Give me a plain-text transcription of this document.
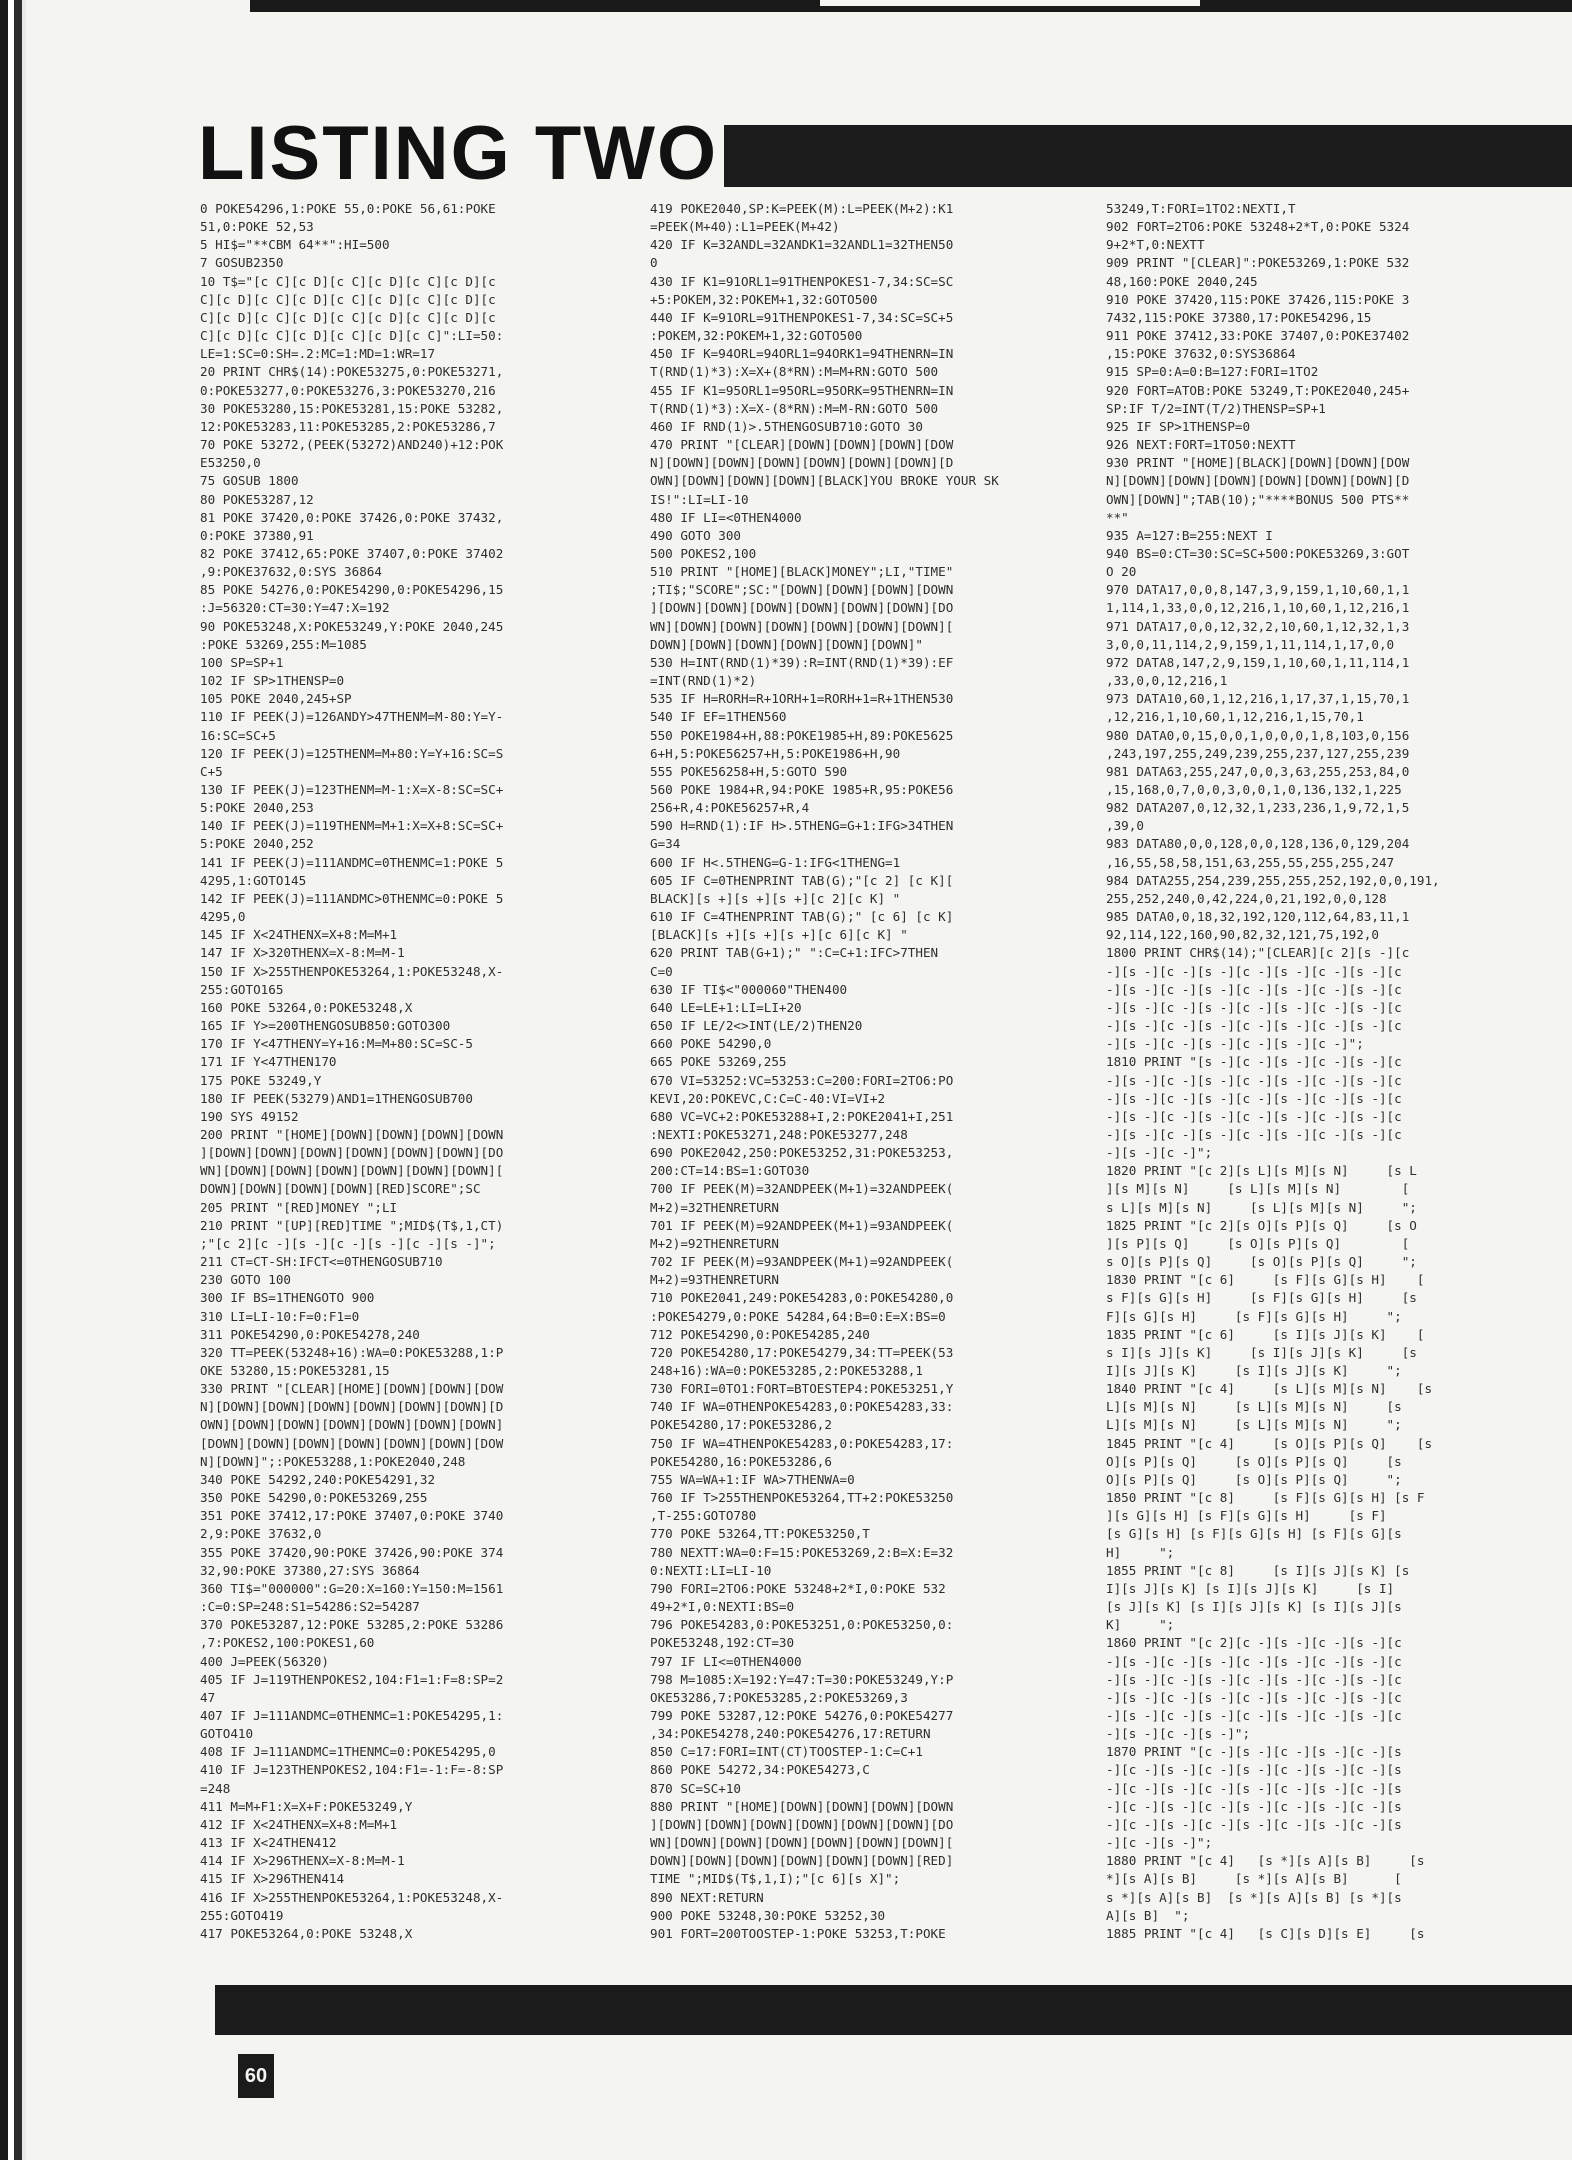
LISTING TWO
0 POKE54296,1:POKE 55,0:POKE 56,61:POKE
51,0:POKE 52,53
5 HI$="**CBM 64**":HI=500
7 GOSUB2350
10 T$="[c C][c D][c C][c D][c C][c D][c
C][c D][c C][c D][c C][c D][c C][c D][c
C][c D][c C][c D][c C][c D][c C][c D][c
C][c D][c C][c D][c C][c D][c C]":LI=50:
LE=1:SC=0:SH=.2:MC=1:MD=1:WR=17
20 PRINT CHR$(14):POKE53275,0:POKE53271,
0:POKE53277,0:POKE53276,3:POKE53270,216
30 POKE53280,15:POKE53281,15:POKE 53282,
12:POKE53283,11:POKE53285,2:POKE53286,7
70 POKE 53272,(PEEK(53272)AND240)+12:POK
E53250,0
75 GOSUB 1800
80 POKE53287,12
81 POKE 37420,0:POKE 37426,0:POKE 37432,
0:POKE 37380,91
82 POKE 37412,65:POKE 37407,0:POKE 37402
,9:POKE37632,0:SYS 36864
85 POKE 54276,0:POKE54290,0:POKE54296,15
:J=56320:CT=30:Y=47:X=192
90 POKE53248,X:POKE53249,Y:POKE 2040,245
:POKE 53269,255:M=1085
100 SP=SP+1
102 IF SP>1THENSP=0
105 POKE 2040,245+SP
110 IF PEEK(J)=126ANDY>47THENM=M-80:Y=Y-
16:SC=SC+5
120 IF PEEK(J)=125THENM=M+80:Y=Y+16:SC=S
C+5
130 IF PEEK(J)=123THENM=M-1:X=X-8:SC=SC+
5:POKE 2040,253
140 IF PEEK(J)=119THENM=M+1:X=X+8:SC=SC+
5:POKE 2040,252
141 IF PEEK(J)=111ANDMC=0THENMC=1:POKE 5
4295,1:GOTO145
142 IF PEEK(J)=111ANDMC>0THENMC=0:POKE 5
4295,0
145 IF X<24THENX=X+8:M=M+1
147 IF X>320THENX=X-8:M=M-1
150 IF X>255THENPOKE53264,1:POKE53248,X-
255:GOTO165
160 POKE 53264,0:POKE53248,X
165 IF Y>=200THENGOSUB850:GOTO300
170 IF Y<47THENY=Y+16:M=M+80:SC=SC-5
171 IF Y<47THEN170
175 POKE 53249,Y
180 IF PEEK(53279)AND1=1THENGOSUB700
190 SYS 49152
200 PRINT "[HOME][DOWN][DOWN][DOWN][DOWN
][DOWN][DOWN][DOWN][DOWN][DOWN][DOWN][DO
WN][DOWN][DOWN][DOWN][DOWN][DOWN][DOWN][
DOWN][DOWN][DOWN][DOWN][RED]SCORE";SC
205 PRINT "[RED]MONEY ";LI
210 PRINT "[UP][RED]TIME ";MID$(T$,1,CT)
;"[c 2][c -][s -][c -][s -][c -][s -]";
211 CT=CT-SH:IFCT<=0THENGOSUB710
230 GOTO 100
300 IF BS=1THENGOTO 900
310 LI=LI-10:F=0:F1=0
311 POKE54290,0:POKE54278,240
320 TT=PEEK(53248+16):WA=0:POKE53288,1:P
OKE 53280,15:POKE53281,15
330 PRINT "[CLEAR][HOME][DOWN][DOWN][DOW
N][DOWN][DOWN][DOWN][DOWN][DOWN][DOWN][D
OWN][DOWN][DOWN][DOWN][DOWN][DOWN][DOWN]
[DOWN][DOWN][DOWN][DOWN][DOWN][DOWN][DOW
N][DOWN]";:POKE53288,1:POKE2040,248
340 POKE 54292,240:POKE54291,32
350 POKE 54290,0:POKE53269,255
351 POKE 37412,17:POKE 37407,0:POKE 3740
2,9:POKE 37632,0
355 POKE 37420,90:POKE 37426,90:POKE 374
32,90:POKE 37380,27:SYS 36864
360 TI$="000000":G=20:X=160:Y=150:M=1561
:C=0:SP=248:S1=54286:S2=54287
370 POKE53287,12:POKE 53285,2:POKE 53286
,7:POKES2,100:POKES1,60
400 J=PEEK(56320)
405 IF J=119THENPOKES2,104:F1=1:F=8:SP=2
47
407 IF J=111ANDMC=0THENMC=1:POKE54295,1:
GOTO410
408 IF J=111ANDMC=1THENMC=0:POKE54295,0
410 IF J=123THENPOKES2,104:F1=-1:F=-8:SP
=248
411 M=M+F1:X=X+F:POKE53249,Y
412 IF X<24THENX=X+8:M=M+1
413 IF X<24THEN412
414 IF X>296THENX=X-8:M=M-1
415 IF X>296THEN414
416 IF X>255THENPOKE53264,1:POKE53248,X-
255:GOTO419
417 POKE53264,0:POKE 53248,X
419 POKE2040,SP:K=PEEK(M):L=PEEK(M+2):K1
=PEEK(M+40):L1=PEEK(M+42)
420 IF K=32ANDL=32ANDK1=32ANDL1=32THEN50
0
430 IF K1=91ORL1=91THENPOKES1-7,34:SC=SC
+5:POKEM,32:POKEM+1,32:GOTO500
440 IF K=91ORL=91THENPOKES1-7,34:SC=SC+5
:POKEM,32:POKEM+1,32:GOTO500
450 IF K=94ORL=94ORL1=94ORK1=94THENRN=IN
T(RND(1)*3):X=X+(8*RN):M=M+RN:GOTO 500
455 IF K1=95ORL1=95ORL=95ORK=95THENRN=IN
T(RND(1)*3):X=X-(8*RN):M=M-RN:GOTO 500
460 IF RND(1)>.5THENGOSUB710:GOTO 30
470 PRINT "[CLEAR][DOWN][DOWN][DOWN][DOW
N][DOWN][DOWN][DOWN][DOWN][DOWN][DOWN][D
OWN][DOWN][DOWN][DOWN][BLACK]YOU BROKE YOUR SK
IS!":LI=LI-10
480 IF LI=<0THEN4000
490 GOTO 300
500 POKES2,100
510 PRINT "[HOME][BLACK]MONEY";LI,"TIME"
;TI$;"SCORE";SC:"[DOWN][DOWN][DOWN][DOWN
][DOWN][DOWN][DOWN][DOWN][DOWN][DOWN][DO
WN][DOWN][DOWN][DOWN][DOWN][DOWN][DOWN][
DOWN][DOWN][DOWN][DOWN][DOWN][DOWN]"
530 H=INT(RND(1)*39):R=INT(RND(1)*39):EF
=INT(RND(1)*2)
535 IF H=RORH=R+1ORH+1=RORH+1=R+1THEN530
540 IF EF=1THEN560
550 POKE1984+H,88:POKE1985+H,89:POKE5625
6+H,5:POKE56257+H,5:POKE1986+H,90
555 POKE56258+H,5:GOTO 590
560 POKE 1984+R,94:POKE 1985+R,95:POKE56
256+R,4:POKE56257+R,4
590 H=RND(1):IF H>.5THENG=G+1:IFG>34THEN
G=34
600 IF H<.5THENG=G-1:IFG<1THENG=1
605 IF C=0THENPRINT TAB(G);"[c 2] [c K][
BLACK][s +][s +][s +][c 2][c K] "
610 IF C=4THENPRINT TAB(G);" [c 6] [c K]
[BLACK][s +][s +][s +][c 6][c K] "
620 PRINT TAB(G+1);" ":C=C+1:IFC>7THEN
C=0
630 IF TI$<"000060"THEN400
640 LE=LE+1:LI=LI+20
650 IF LE/2<>INT(LE/2)THEN20
660 POKE 54290,0
665 POKE 53269,255
670 VI=53252:VC=53253:C=200:FORI=2TO6:PO
KEVI,20:POKEVC,C:C=C-40:VI=VI+2
680 VC=VC+2:POKE53288+I,2:POKE2041+I,251
:NEXTI:POKE53271,248:POKE53277,248
690 POKE2042,250:POKE53252,31:POKE53253,
200:CT=14:BS=1:GOTO30
700 IF PEEK(M)=32ANDPEEK(M+1)=32ANDPEEK(
M+2)=32THENRETURN
701 IF PEEK(M)=92ANDPEEK(M+1)=93ANDPEEK(
M+2)=92THENRETURN
702 IF PEEK(M)=93ANDPEEK(M+1)=92ANDPEEK(
M+2)=93THENRETURN
710 POKE2041,249:POKE54283,0:POKE54280,0
:POKE54279,0:POKE 54284,64:B=0:E=X:BS=0
712 POKE54290,0:POKE54285,240
720 POKE54280,17:POKE54279,34:TT=PEEK(53
248+16):WA=0:POKE53285,2:POKE53288,1
730 FORI=0TO1:FORT=BTOESTEP4:POKE53251,Y
740 IF WA=0THENPOKE54283,0:POKE54283,33:
POKE54280,17:POKE53286,2
750 IF WA=4THENPOKE54283,0:POKE54283,17:
POKE54280,16:POKE53286,6
755 WA=WA+1:IF WA>7THENWA=0
760 IF T>255THENPOKE53264,TT+2:POKE53250
,T-255:GOTO780
770 POKE 53264,TT:POKE53250,T
780 NEXTT:WA=0:F=15:POKE53269,2:B=X:E=32
0:NEXTI:LI=LI-10
790 FORI=2TO6:POKE 53248+2*I,0:POKE 532
49+2*I,0:NEXTI:BS=0
796 POKE54283,0:POKE53251,0:POKE53250,0:
POKE53248,192:CT=30
797 IF LI<=0THEN4000
798 M=1085:X=192:Y=47:T=30:POKE53249,Y:P
OKE53286,7:POKE53285,2:POKE53269,3
799 POKE 53287,12:POKE 54276,0:POKE54277
,34:POKE54278,240:POKE54276,17:RETURN
850 C=17:FORI=INT(CT)TOOSTEP-1:C=C+1
860 POKE 54272,34:POKE54273,C
870 SC=SC+10
880 PRINT "[HOME][DOWN][DOWN][DOWN][DOWN
][DOWN][DOWN][DOWN][DOWN][DOWN][DOWN][DO
WN][DOWN][DOWN][DOWN][DOWN][DOWN][DOWN][
DOWN][DOWN][DOWN][DOWN][DOWN][DOWN][RED]
TIME ";MID$(T$,1,I);"[c 6][s X]";
890 NEXT:RETURN
900 POKE 53248,30:POKE 53252,30
901 FORT=200TOOSTEP-1:POKE 53253,T:POKE
53249,T:FORI=1TO2:NEXTI,T
902 FORT=2TO6:POKE 53248+2*T,0:POKE 5324
9+2*T,0:NEXTT
909 PRINT "[CLEAR]":POKE53269,1:POKE 532
48,160:POKE 2040,245
910 POKE 37420,115:POKE 37426,115:POKE 3
7432,115:POKE 37380,17:POKE54296,15
911 POKE 37412,33:POKE 37407,0:POKE37402
,15:POKE 37632,0:SYS36864
915 SP=0:A=0:B=127:FORI=1TO2
920 FORT=ATOB:POKE 53249,T:POKE2040,245+
SP:IF T/2=INT(T/2)THENSP=SP+1
925 IF SP>1THENSP=0
926 NEXT:FORT=1TO50:NEXTT
930 PRINT "[HOME][BLACK][DOWN][DOWN][DOW
N][DOWN][DOWN][DOWN][DOWN][DOWN][DOWN][D
OWN][DOWN]";TAB(10);"****BONUS 500 PTS**
**"
935 A=127:B=255:NEXT I
940 BS=0:CT=30:SC=SC+500:POKE53269,3:GOT
O 20
970 DATA17,0,0,8,147,3,9,159,1,10,60,1,1
1,114,1,33,0,0,12,216,1,10,60,1,12,216,1
971 DATA17,0,0,12,32,2,10,60,1,12,32,1,3
3,0,0,11,114,2,9,159,1,11,114,1,17,0,0
972 DATA8,147,2,9,159,1,10,60,1,11,114,1
,33,0,0,12,216,1
973 DATA10,60,1,12,216,1,17,37,1,15,70,1
,12,216,1,10,60,1,12,216,1,15,70,1
980 DATA0,0,15,0,0,1,0,0,0,1,8,103,0,156
,243,197,255,249,239,255,237,127,255,239
981 DATA63,255,247,0,0,3,63,255,253,84,0
,15,168,0,7,0,0,3,0,0,1,0,136,132,1,225
982 DATA207,0,12,32,1,233,236,1,9,72,1,5
,39,0
983 DATA80,0,0,128,0,0,128,136,0,129,204
,16,55,58,58,151,63,255,55,255,255,247
984 DATA255,254,239,255,255,252,192,0,0,191,
255,252,240,0,42,224,0,21,192,0,0,128
985 DATA0,0,18,32,192,120,112,64,83,11,1
92,114,122,160,90,82,32,121,75,192,0
1800 PRINT CHR$(14);"[CLEAR][c 2][s -][c
-][s -][c -][s -][c -][s -][c -][s -][c
-][s -][c -][s -][c -][s -][c -][s -][c
-][s -][c -][s -][c -][s -][c -][s -][c
-][s -][c -][s -][c -][s -][c -][s -][c
-][s -][c -][s -][c -][s -][c -]";
1810 PRINT "[s -][c -][s -][c -][s -][c
-][s -][c -][s -][c -][s -][c -][s -][c
-][s -][c -][s -][c -][s -][c -][s -][c
-][s -][c -][s -][c -][s -][c -][s -][c
-][s -][c -][s -][c -][s -][c -][s -][c
-][s -][c -]";
1820 PRINT "[c 2][s L][s M][s N]     [s L
][s M][s N]     [s L][s M][s N]        [
s L][s M][s N]     [s L][s M][s N]     ";
1825 PRINT "[c 2][s O][s P][s Q]     [s O
][s P][s Q]     [s O][s P][s Q]        [
s O][s P][s Q]     [s O][s P][s Q]     ";
1830 PRINT "[c 6]     [s F][s G][s H]    [
s F][s G][s H]     [s F][s G][s H]     [s
F][s G][s H]     [s F][s G][s H]     ";
1835 PRINT "[c 6]     [s I][s J][s K]    [
s I][s J][s K]     [s I][s J][s K]     [s
I][s J][s K]     [s I][s J][s K]     ";
1840 PRINT "[c 4]     [s L][s M][s N]    [s
L][s M][s N]     [s L][s M][s N]     [s
L][s M][s N]     [s L][s M][s N]     ";
1845 PRINT "[c 4]     [s O][s P][s Q]    [s
O][s P][s Q]     [s O][s P][s Q]     [s
O][s P][s Q]     [s O][s P][s Q]     ";
1850 PRINT "[c 8]     [s F][s G][s H] [s F
][s G][s H] [s F][s G][s H]     [s F]
[s G][s H] [s F][s G][s H] [s F][s G][s
H]     ";
1855 PRINT "[c 8]     [s I][s J][s K] [s
I][s J][s K] [s I][s J][s K]     [s I]
[s J][s K] [s I][s J][s K] [s I][s J][s
K]     ";
1860 PRINT "[c 2][c -][s -][c -][s -][c
-][s -][c -][s -][c -][s -][c -][s -][c
-][s -][c -][s -][c -][s -][c -][s -][c
-][s -][c -][s -][c -][s -][c -][s -][c
-][s -][c -][s -][c -][s -][c -][s -][c
-][s -][c -][s -]";
1870 PRINT "[c -][s -][c -][s -][c -][s
-][c -][s -][c -][s -][c -][s -][c -][s
-][c -][s -][c -][s -][c -][s -][c -][s
-][c -][s -][c -][s -][c -][s -][c -][s
-][c -][s -][c -][s -][c -][s -][c -][s
-][c -][s -]";
1880 PRINT "[c 4]   [s *][s A][s B]     [s
*][s A][s B]     [s *][s A][s B]      [
s *][s A][s B]  [s *][s A][s B] [s *][s
A][s B]  ";
1885 PRINT "[c 4]   [s C][s D][s E]     [s
60
